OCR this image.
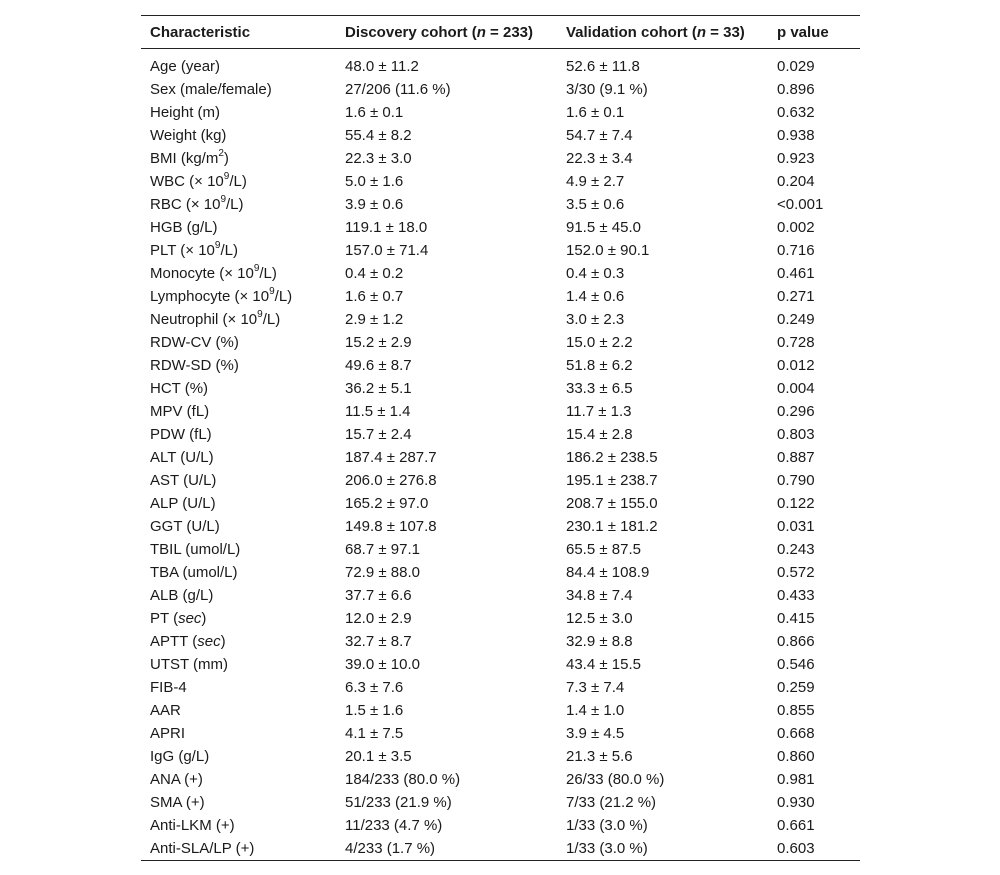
Characteristic	Discovery cohort (n = 233)	Validation cohort (n = 33)	p value

Age (year)	48.0 ± 11.2	52.6 ± 11.8	0.029
Sex (male/female)	27/206 (11.6 %)	3/30 (9.1 %)	0.896
Height (m)	1.6 ± 0.1	1.6 ± 0.1	0.632
Weight (kg)	55.4 ± 8.2	54.7 ± 7.4	0.938
BMI $(kg/m^2)$	22.3 ± 3.0	22.3 ± 3.4	0.923
WBC (× $10^9/L$)	5.0 ± 1.6	4.9 ± 2.7	0.204
RBC (× $10^9/L$)	3.9 ± 0.6	3.5 ± 0.6	<0.001
HGB (g/L)	119.1 ± 18.0	91.5 ± 45.0	0.002
PLT (× $10^9/L$)	157.0 ± 71.4	152.0 ± 90.1	0.716
Monocyte (× $10^9/L$)	0.4 ± 0.2	0.4 ± 0.3	0.461
Lymphocyte (× $10^9/L$)	1.6 ± 0.7	1.4 ± 0.6	0.271
Neutrophil (× $10^9/L$)	2.9 ± 1.2	3.0 ± 2.3	0.249
RDW-CV (%)	15.2 ± 2.9	15.0 ± 2.2	0.728
RDW-SD (%)	49.6 ± 8.7	51.8 ± 6.2	0.012
HCT (%)	36.2 ± 5.1	33.3 ± 6.5	0.004
MPV (fL)	11.5 ± 1.4	11.7 ± 1.3	0.296
PDW (fL)	15.7 ± 2.4	15.4 ± 2.8	0.803
ALT (U/L)	187.4 ± 287.7	186.2 ± 238.5	0.887
AST (U/L)	206.0 ± 276.8	195.1 ± 238.7	0.790
ALP (U/L)	165.2 ± 97.0	208.7 ± 155.0	0.122
GGT (U/L)	149.8 ± 107.8	230.1 ± 181.2	0.031
TBIL (umol/L)	68.7 ± 97.1	65.5 ± 87.5	0.243
TBA (umol/L)	72.9 ± 88.0	84.4 ± 108.9	0.572
ALB (g/L)	37.7 ± 6.6	34.8 ± 7.4	0.433
PT (sec)	12.0 ± 2.9	12.5 ± 3.0	0.415
APTT (sec)	32.7 ± 8.7	32.9 ± 8.8	0.866
UTST (mm)	39.0 ± 10.0	43.4 ± 15.5	0.546
FIB-4	6.3 ± 7.6	7.3 ± 7.4	0.259
AAR	1.5 ± 1.6	1.4 ± 1.0	0.855
APRI	4.1 ± 7.5	3.9 ± 4.5	0.668
IgG (g/L)	20.1 ± 3.5	21.3 ± 5.6	0.860
ANA (+)	184/233 (80.0 %)	26/33 (80.0 %)	0.981
SMA (+)	51/233 (21.9 %)	7/33 (21.2 %)	0.930
Anti-LKM (+)	11/233 (4.7 %)	1/33 (3.0 %)	0.661
Anti-SLA/LP (+)	4/233 (1.7 %)	1/33 (3.0 %)	0.603
